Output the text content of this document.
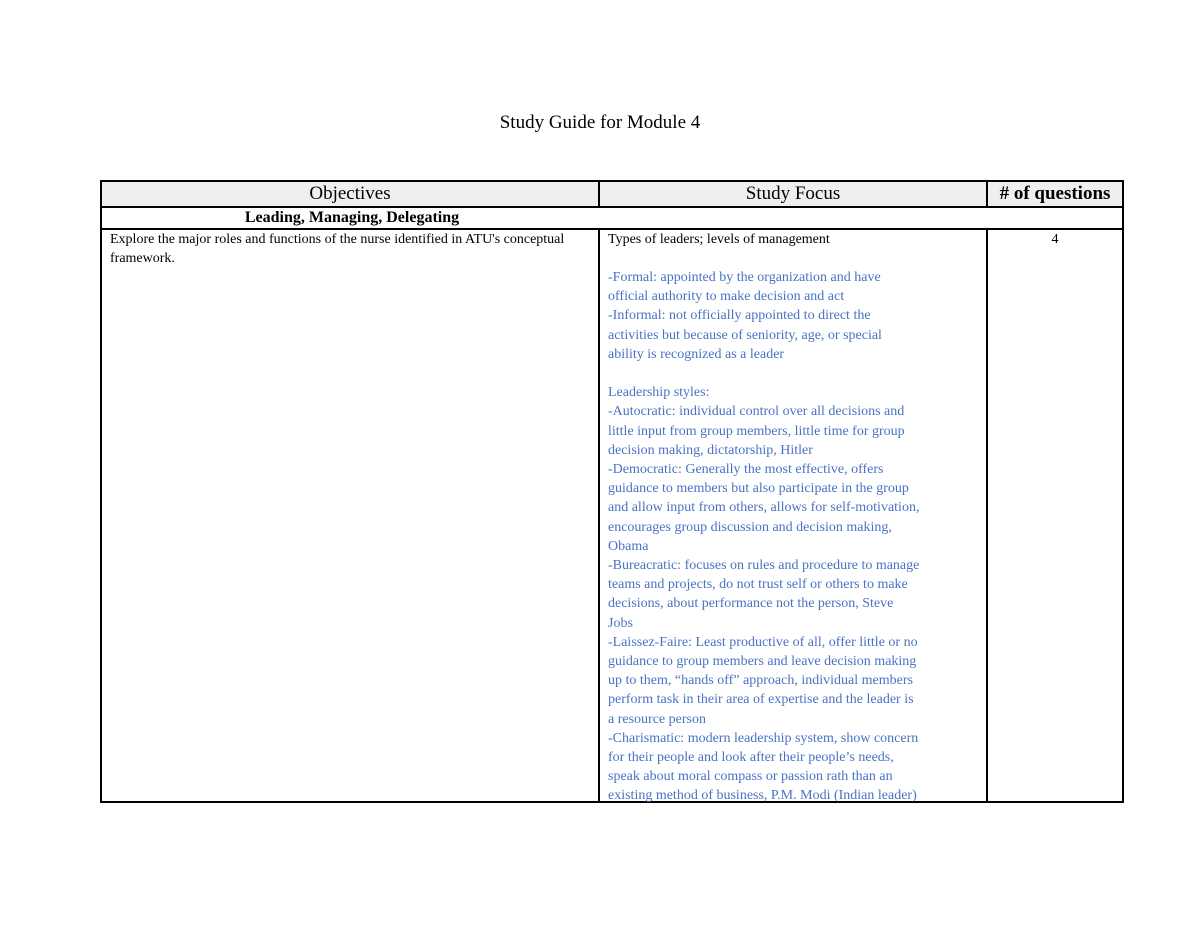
Study Guide for Module 4
Objectives	Study Focus	# of questions
Leading, Managing, Delegating
Explore the major roles and functions of the nurse identified in ATU's conceptual framework.
Types of leaders; levels of management
-Formal: appointed by the organization and have
official authority to make decision and act
-Informal: not officially appointed to direct the
activities but because of seniority, age, or special
ability is recognized as a leader

Leadership styles:
-Autocratic: individual control over all decisions and
little input from group members, little time for group
decision making, dictatorship, Hitler
-Democratic: Generally the most effective, offers
guidance to members but also participate in the group
and allow input from others, allows for self-motivation,
encourages group discussion and decision making,
Obama
-Bureacratic: focuses on rules and procedure to manage
teams and projects, do not trust self or others to make
decisions, about performance not the person, Steve
Jobs
-Laissez-Faire: Least productive of all, offer little or no
guidance to group members and leave decision making
up to them, “hands off” approach, individual members
perform task in their area of expertise and the leader is
a resource person
-Charismatic: modern leadership system, show concern
for their people and look after their people’s needs,
speak about moral compass or passion rath than an
existing method of business, P.M. Modi (Indian leader)
4
